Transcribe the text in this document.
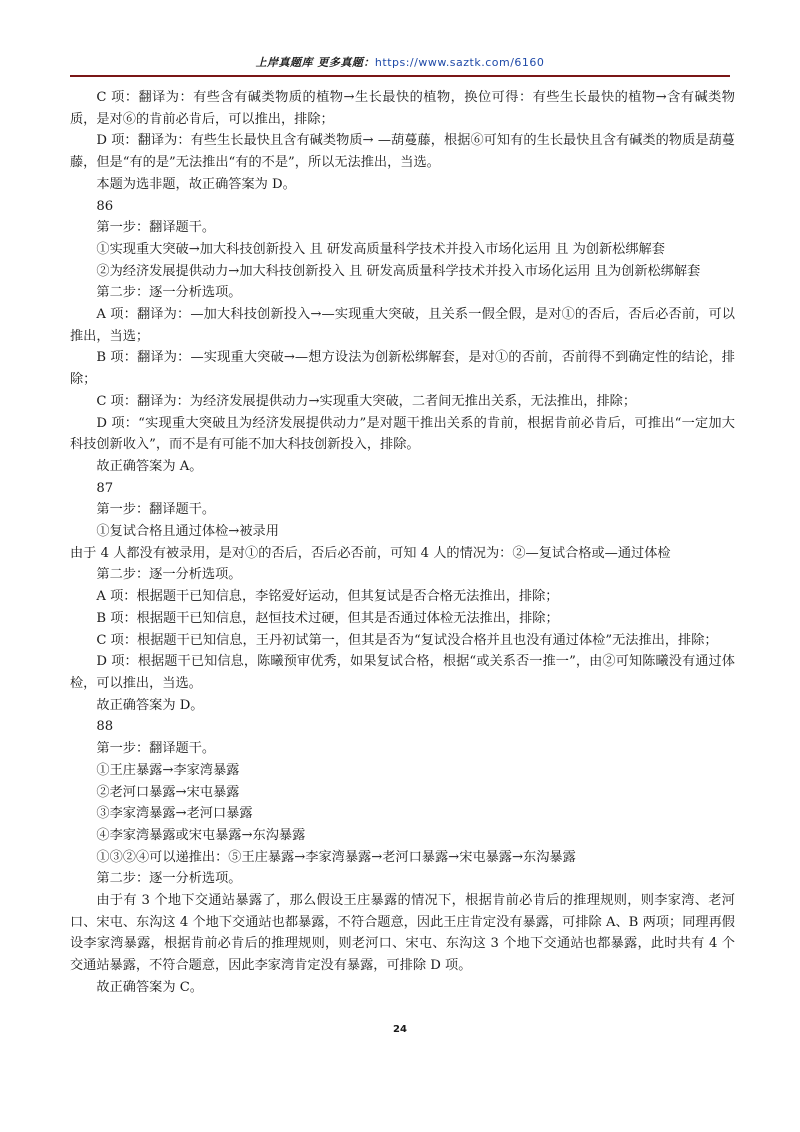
上岸真题库 更多真题：https://www.saztk.com/6160

C 项：翻译为：有些含有碱类物质的植物→生长最快的植物，换位可得：有些生长最快的植物→含有碱类物质，是对⑥的肯前必肯后，可以推出，排除；

D 项：翻译为：有些生长最快且含有碱类物质→ —葫蔓藤，根据⑥可知有的生长最快且含有碱类的物质是葫蔓藤，但是“有的是”无法推出“有的不是”，所以无法推出，当选。

本题为选非题，故正确答案为 D。

86

第一步：翻译题干。

①实现重大突破→加大科技创新投入 且 研发高质量科学技术并投入市场化运用 且 为创新松绑解套

②为经济发展提供动力→加大科技创新投入 且 研发高质量科学技术并投入市场化运用 且为创新松绑解套

第二步：逐一分析选项。

A 项：翻译为：—加大科技创新投入→—实现重大突破，且关系一假全假，是对①的否后，否后必否前，可以推出，当选；

B 项：翻译为：—实现重大突破→—想方设法为创新松绑解套，是对①的否前，否前得不到确定性的结论，排除；

C 项：翻译为：为经济发展提供动力→实现重大突破，二者间无推出关系，无法推出，排除；

D 项：“实现重大突破且为经济发展提供动力”是对题干推出关系的肯前，根据肯前必肯后，可推出“一定加大科技创新收入”，而不是有可能不加大科技创新投入，排除。

故正确答案为 A。

87

第一步：翻译题干。

①复试合格且通过体检→被录用

由于 4 人都没有被录用，是对①的否后，否后必否前，可知 4 人的情况为：②—复试合格或—通过体检

第二步：逐一分析选项。

A 项：根据题干已知信息，李铭爱好运动，但其复试是否合格无法推出，排除；

B 项：根据题干已知信息，赵恒技术过硬，但其是否通过体检无法推出，排除；

C 项：根据题干已知信息，王丹初试第一，但其是否为“复试没合格并且也没有通过体检”无法推出，排除；

D 项：根据题干已知信息，陈曦预审优秀，如果复试合格，根据“或关系否一推一”，由②可知陈曦没有通过体检，可以推出，当选。

故正确答案为 D。

88

第一步：翻译题干。

①王庄暴露→李家湾暴露

②老河口暴露→宋屯暴露

③李家湾暴露→老河口暴露

④李家湾暴露或宋屯暴露→东沟暴露

①③②④可以递推出：⑤王庄暴露→李家湾暴露→老河口暴露→宋屯暴露→东沟暴露

第二步：逐一分析选项。

由于有 3 个地下交通站暴露了，那么假设王庄暴露的情况下，根据肯前必肯后的推理规则，则李家湾、老河口、宋屯、东沟这 4 个地下交通站也都暴露，不符合题意，因此王庄肯定没有暴露，可排除 A、B 两项；同理再假设李家湾暴露，根据肯前必肯后的推理规则，则老河口、宋屯、东沟这 3 个地下交通站也都暴露，此时共有 4 个交通站暴露，不符合题意，因此李家湾肯定没有暴露，可排除 D 项。

故正确答案为 C。

24
